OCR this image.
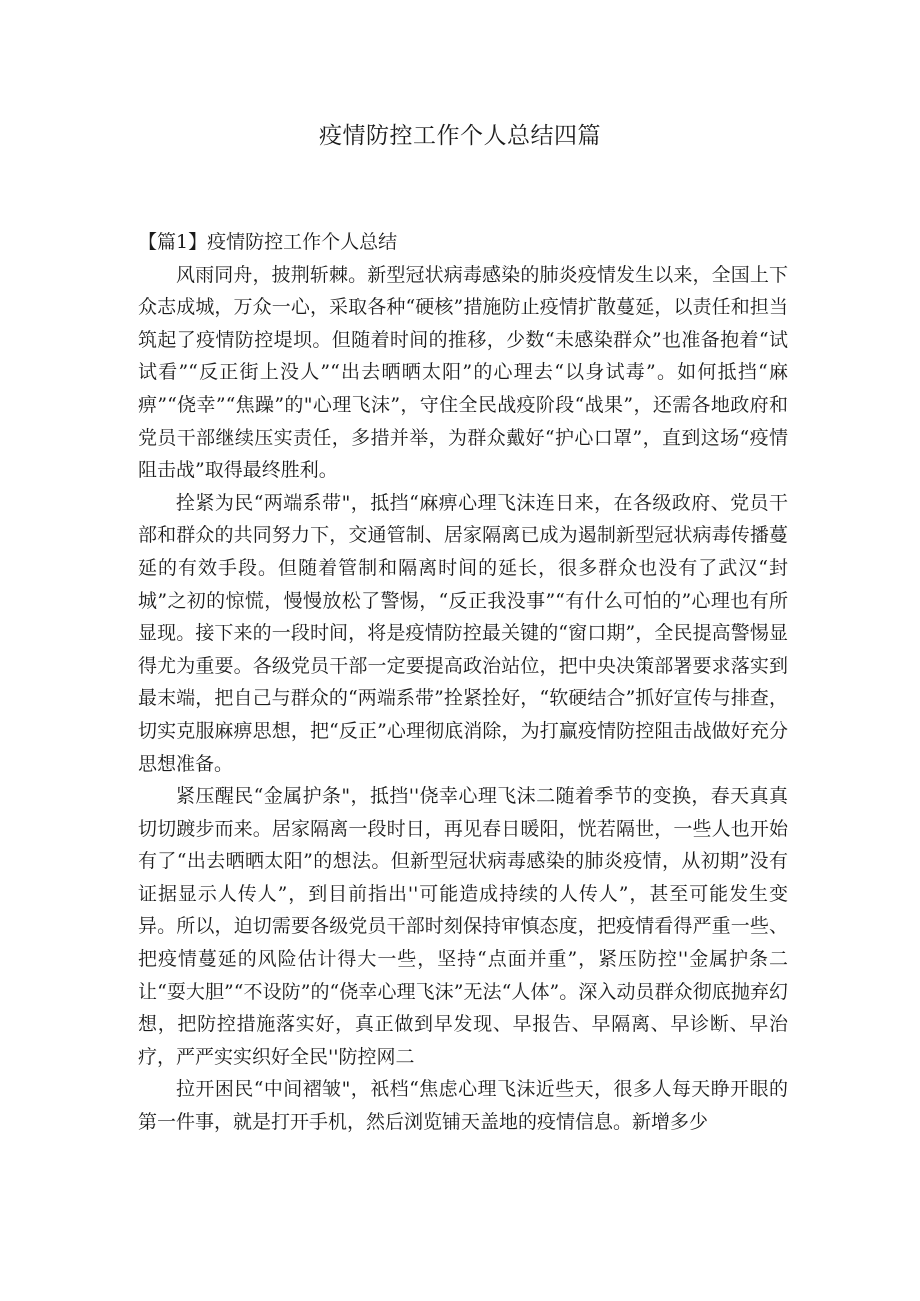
疫情防控工作个人总结四篇
【篇1】疫情防控工作个人总结

风雨同舟，披荆斩棘。新型冠状病毒感染的肺炎疫情发生以来，全国上下众志成城，万众一心，采取各种“硬核”措施防止疫情扩散蔓延，以责任和担当筑起了疫情防控堤坝。但随着时间的推移，少数“未感染群众”也准备抱着“试试看”“反正街上没人”“出去晒晒太阳”的心理去“以身试毒”。如何抵挡“麻痹”“侥幸”“焦躁”的"心理飞沫”，守住全民战疫阶段“战果”，还需各地政府和党员干部继续压实责任，多措并举，为群众戴好“护心口罩”，直到这场“疫情阻击战”取得最终胜利。

拴紧为民“两端系带"，抵挡“麻痹心理飞沫连日来，在各级政府、党员干部和群众的共同努力下，交通管制、居家隔离已成为遏制新型冠状病毒传播蔓延的有效手段。但随着管制和隔离时间的延长，很多群众也没有了武汉“封城”之初的惊慌，慢慢放松了警惕，“反正我没事”“有什么可怕的”心理也有所显现。接下来的一段时间，将是疫情防控最关键的“窗口期”，全民提高警惕显得尤为重要。各级党员干部一定要提高政治站位，把中央决策部署要求落实到最末端，把自己与群众的“两端系带”拴紧拴好，“软硬结合”抓好宣传与排查，切实克服麻痹思想，把“反正”心理彻底消除，为打赢疫情防控阻击战做好充分思想准备。

紧压醒民“金属护条"，抵挡''侥幸心理飞沫二随着季节的变换，春天真真切切踱步而来。居家隔离一段时日，再见春日暖阳，恍若隔世，一些人也开始有了“出去晒晒太阳”的想法。但新型冠状病毒感染的肺炎疫情，从初期”没有证据显示人传人”，到目前指出''可能造成持续的人传人”，甚至可能发生变异。所以，迫切需要各级党员干部时刻保持审慎态度，把疫情看得严重一些、把疫情蔓延的风险估计得大一些，坚持“点面并重”，紧压防控''金属护条二让“耍大胆”“不设防”的“侥幸心理飞沫”无法“人体”。深入动员群众彻底抛弃幻想，把防控措施落实好，真正做到早发现、早报告、早隔离、早诊断、早治疗，严严实实织好全民''防控网二

拉开困民“中间褶皱"，祇档“焦虑心理飞沫近些天，很多人每天睁开眼的第一件事，就是打开手机，然后浏览铺天盖地的疫情信息。新增多少
